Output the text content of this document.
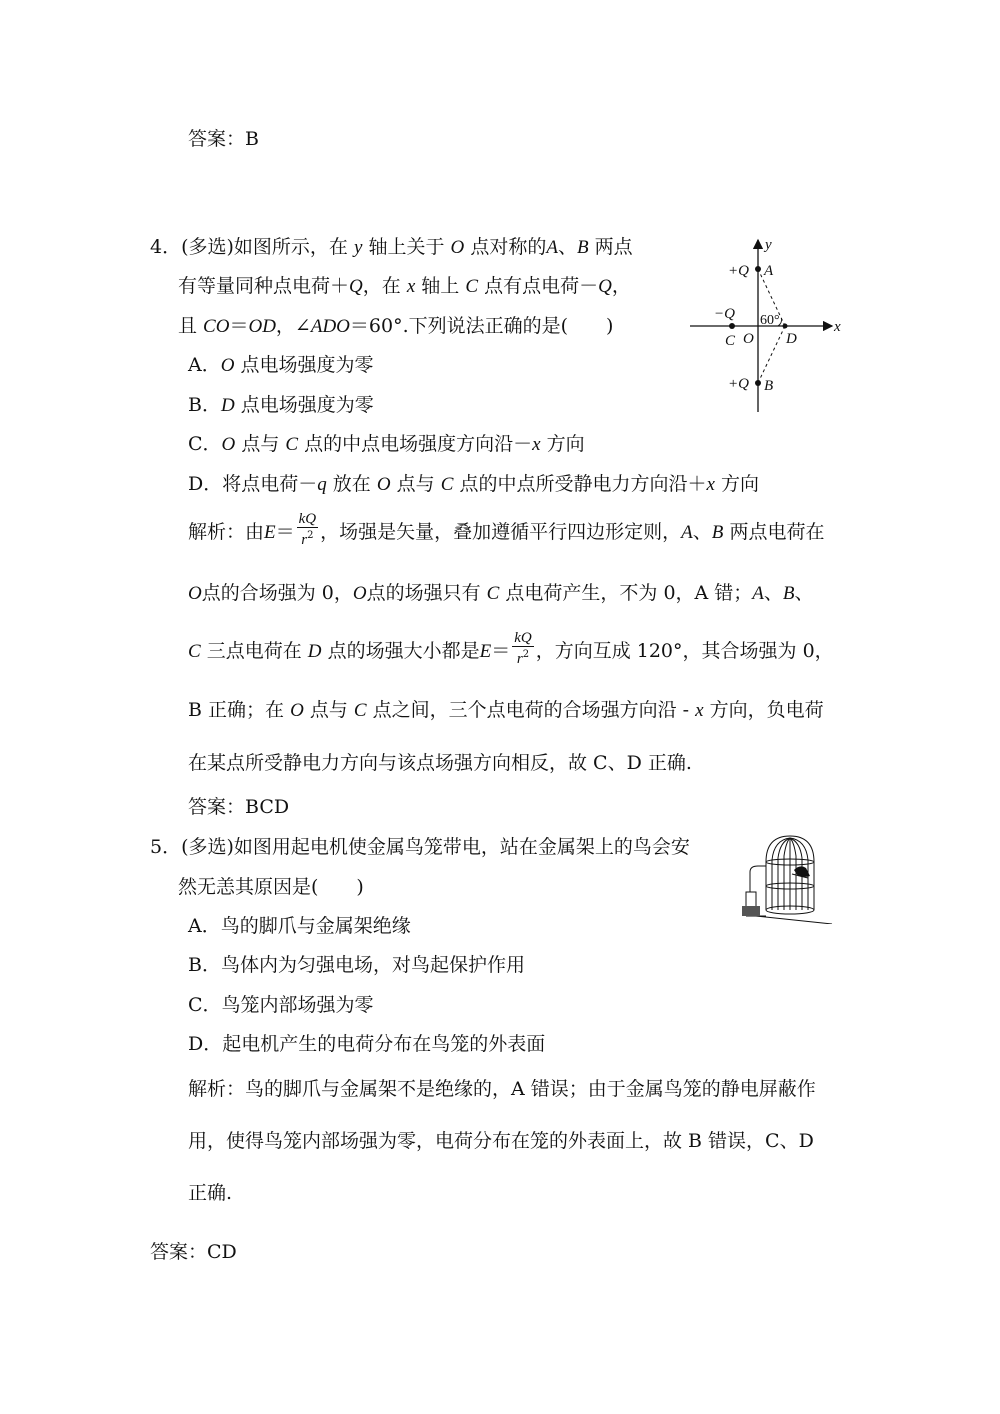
答案：B
4．(多选)如图所示，在 y 轴上关于 O 点对称的A、B 两点
有等量同种点电荷＋Q，在 x 轴上 C 点有点电荷－Q，
且 CO＝OD，∠ADO＝60°.下列说法正确的是(　　)
A．O 点电场强度为零
B．D 点电场强度为零
C．O 点与 C 点的中点电场强度方向沿－x 方向
D．将点电荷－q 放在 O 点与 C 点的中点所受静电力方向沿＋x 方向
解析：由$E= \frac{kQ}{r^2}$ ，场强是矢量，叠加遵循平行四边形定则，A、B 两点电荷在
O点的合场强为 0，O点的场强只有 C 点电荷产生，不为 0，A 错；A、B、
C 三点电荷在 D 点的场强大小都是$E= \frac{kQ}{r^2}$ ，方向互成 120°，其合场强为 0，
B 正确；在 O 点与 C 点之间，三个点电荷的合场强方向沿 - x 方向，负电荷
在某点所受静电力方向与该点场强方向相反，故 C、D 正确.
答案：BCD
y
x
+Q A
−Q
C O D
+Q B
60°
5．(多选)如图用起电机使金属鸟笼带电，站在金属架上的鸟会安
然无恙其原因是(　　)
A．鸟的脚爪与金属架绝缘
B．鸟体内为匀强电场，对鸟起保护作用
C．鸟笼内部场强为零
D．起电机产生的电荷分布在鸟笼的外表面
解析：鸟的脚爪与金属架不是绝缘的，A 错误；由于金属鸟笼的静电屏蔽作
用，使得鸟笼内部场强为零，电荷分布在笼的外表面上，故 B 错误，C、D
正确.
答案：CD
